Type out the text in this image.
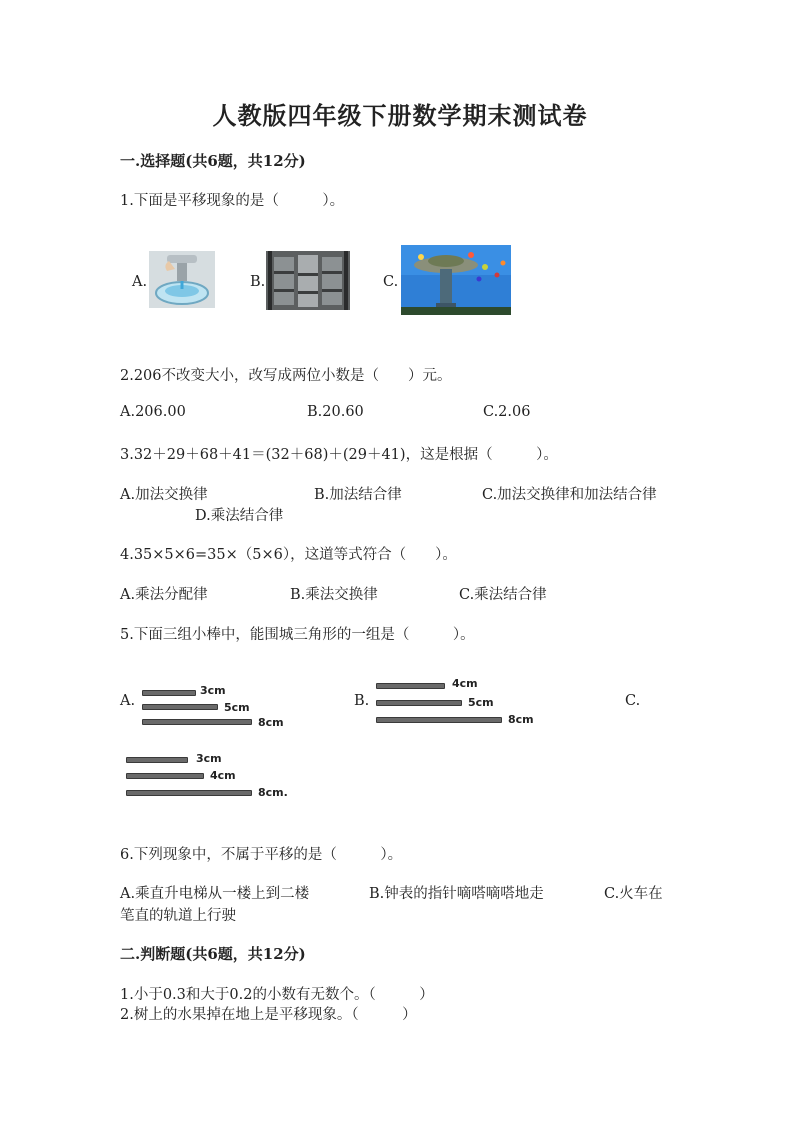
人教版四年级下册数学期末测试卷
一.选择题(共6题，共12分)
1.下面是平移现象的是（　　　）。
A.	B.	C.
2.206不改变大小，改写成两位小数是（　　）元。
A.206.00	B.20.60	C.2.06
3.32＋29＋68＋41＝(32＋68)＋(29＋41)，这是根据（　　　）。
A.加法交换律	B.加法结合律	C.加法交换律和加法结合律
D.乘法结合律
4.35×5×6=35×（5×6），这道等式符合（　　）。
A.乘法分配律	B.乘法交换律	C.乘法结合律
5.下面三组小棒中，能围城三角形的一组是（　　　）。
A.
3cm
5cm
8cm
B.
4cm
5cm
8cm
C.
3cm
4cm
8cm.
6.下列现象中，不属于平移的是（　　　）。
A.乘直升电梯从一楼上到二楼	B.钟表的指针嘀嗒嘀嗒地走	C.火车在
笔直的轨道上行驶
二.判断题(共6题，共12分)
1.小于0.3和大于0.2的小数有无数个。（　　　）
2.树上的水果掉在地上是平移现象。（　　　）
